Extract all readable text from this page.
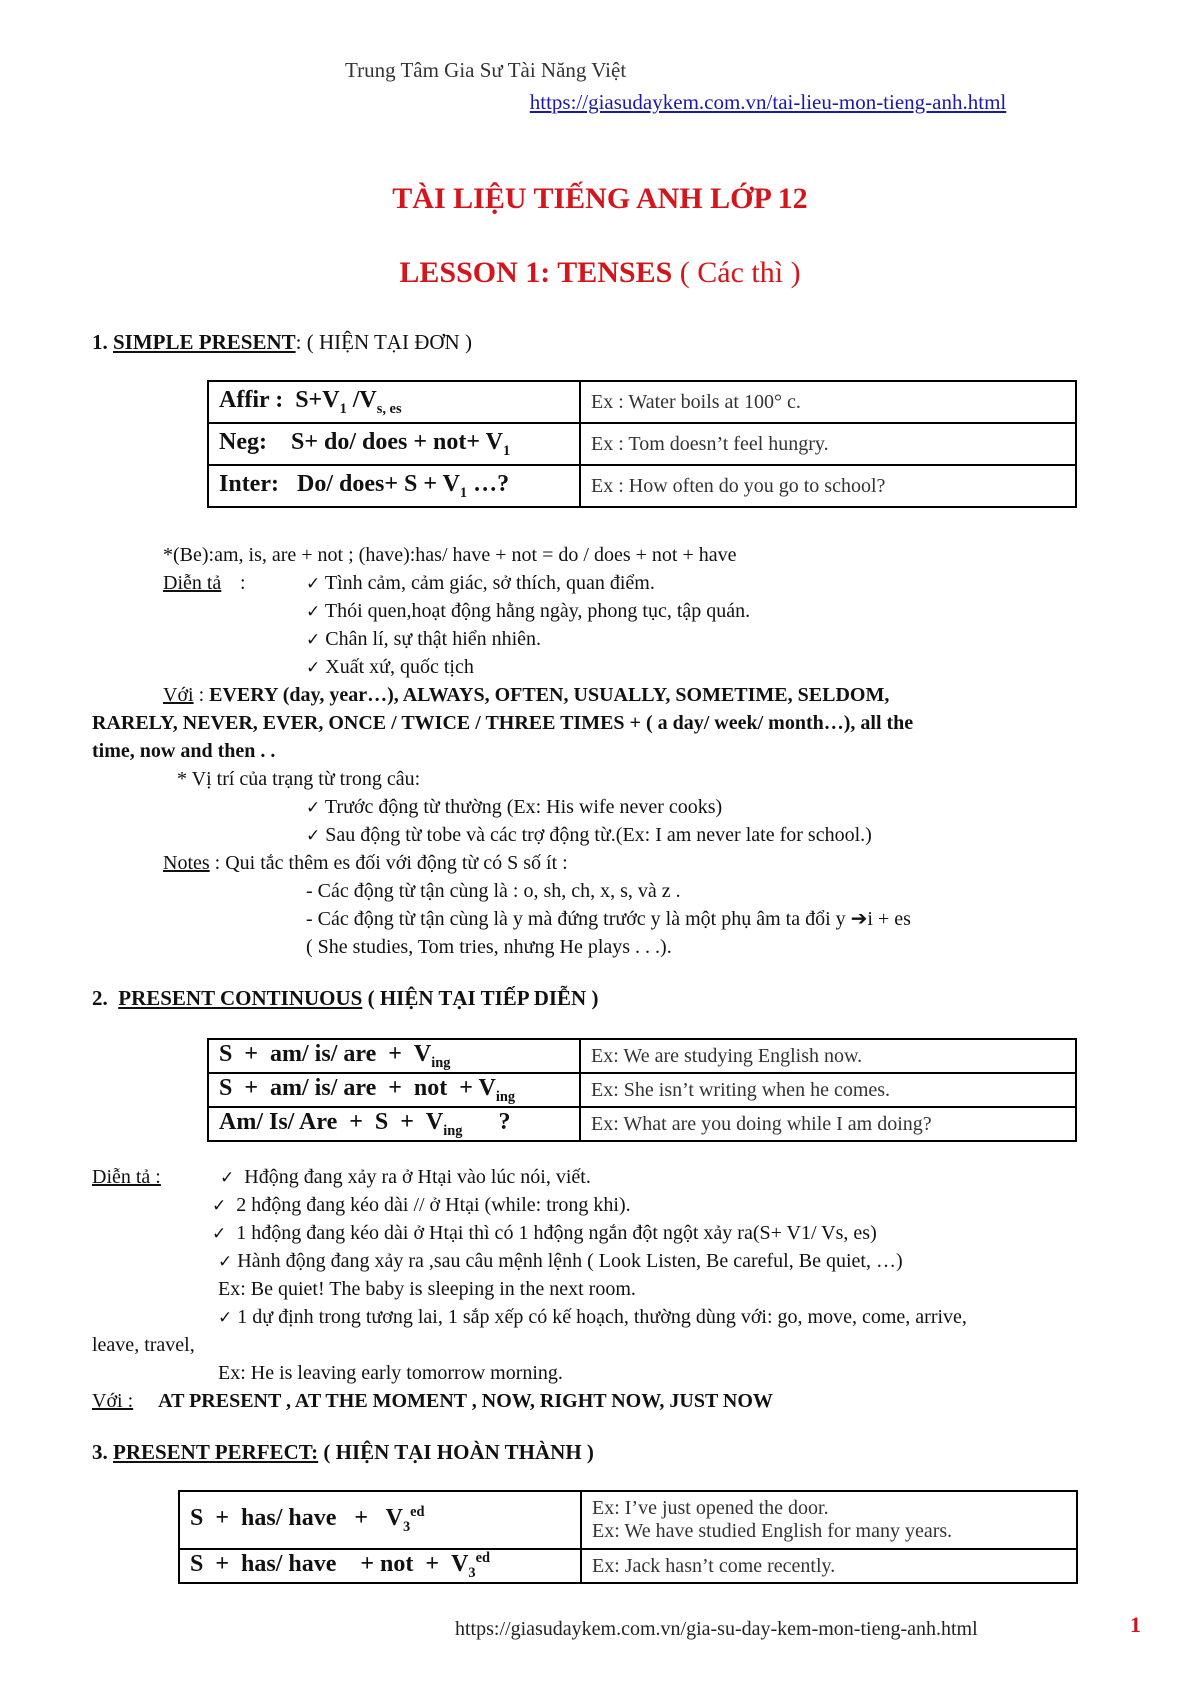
Trung Tâm Gia Sư Tài Năng Việt
https://giasudaykem.com.vn/tai-lieu-mon-tieng-anh.html
TÀI LIỆU TIẾNG ANH LỚP 12
LESSON 1: TENSES ( Các thì )
1. SIMPLE PRESENT: ( HIỆN TẠI ĐƠN )
Affir :  $S+V_1$ $/V_{s, es}$	Ex : Water boils at 100° c.
Neg:    S+ do/ does + $not+ V_1$	Ex : Tom doesn’t feel hungry.
Inter:   Do/ does+ $S + V_1$ …?	Ex : How often do you go to school?
*(Be):am, is, are + not ; (have):has/ have + not = do / does + not + have
Diễn tả :	✓ Tình cảm, cảm giác, sở thích, quan điểm.
✓ Thói quen,hoạt động hằng ngày, phong tục, tập quán.
✓ Chân lí, sự thật hiển nhiên.
✓ Xuất xứ, quốc tịch
Với : EVERY (day, year…), ALWAYS, OFTEN, USUALLY, SOMETIME, SELDOM,
RARELY, NEVER, EVER, ONCE / TWICE / THREE TIMES + ( a day/ week/ month…), all the
time, now and then . .
* Vị trí của trạng từ trong câu:
✓ Trước động từ thường (Ex: His wife never cooks)
✓ Sau động từ tobe và các trợ động từ.(Ex: I am never late for school.)
Notes : Qui tắc thêm es đối với động từ có S số ít :
- Các động từ tận cùng là : o, sh, ch, x, s, và z .
- Các động từ tận cùng là y mà đứng trước y là một phụ âm ta đổi y ➔i + es
( She studies, Tom tries, nhưng He plays . . .).
2. PRESENT CONTINUOUS ( HIỆN TẠI TIẾP DIỄN )
S  +  am/ is/ are  +  $V_{ing}$	Ex: We are studying English now.
S  +  am/ is/ are  +  not  + $V_{ing}$	Ex: She isn’t writing when he comes.
Am/ Is/ Are  +  $S + V_{ing}$      ?	Ex: What are you doing while I am doing?
Diễn tả :	✓ Hđộng đang xảy ra ở Htại vào lúc nói, viết.
✓ 2 hđộng đang kéo dài // ở Htại (while: trong khi).
✓ 1 hđộng đang kéo dài ở Htại thì có 1 hđộng ngắn đột ngột xảy ra(S+ V1/ Vs, es)
✓ Hành động đang xảy ra ,sau câu mệnh lệnh ( Look Listen, Be careful, Be quiet, …)
Ex: Be quiet! The baby is sleeping in the next room.
✓ 1 dự định trong tương lai, 1 sắp xếp có kế hoạch, thường dùng với: go, move, come, arrive,
leave, travel,
Ex: He is leaving early tomorrow morning.
Với : AT PRESENT , AT THE MOMENT , NOW, RIGHT NOW, JUST NOW
3. PRESENT PERFECT: ( HIỆN TẠI HOÀN THÀNH )
S  +  has/ have   +   $V_3^{ed}$	Ex: I’ve just opened the door.
Ex: We have studied English for many years.

S  +  has/ have    + not  +  $V_3^{ed}$	Ex: Jack hasn’t come recently.
https://giasudaykem.com.vn/gia-su-day-kem-mon-tieng-anh.html	1
